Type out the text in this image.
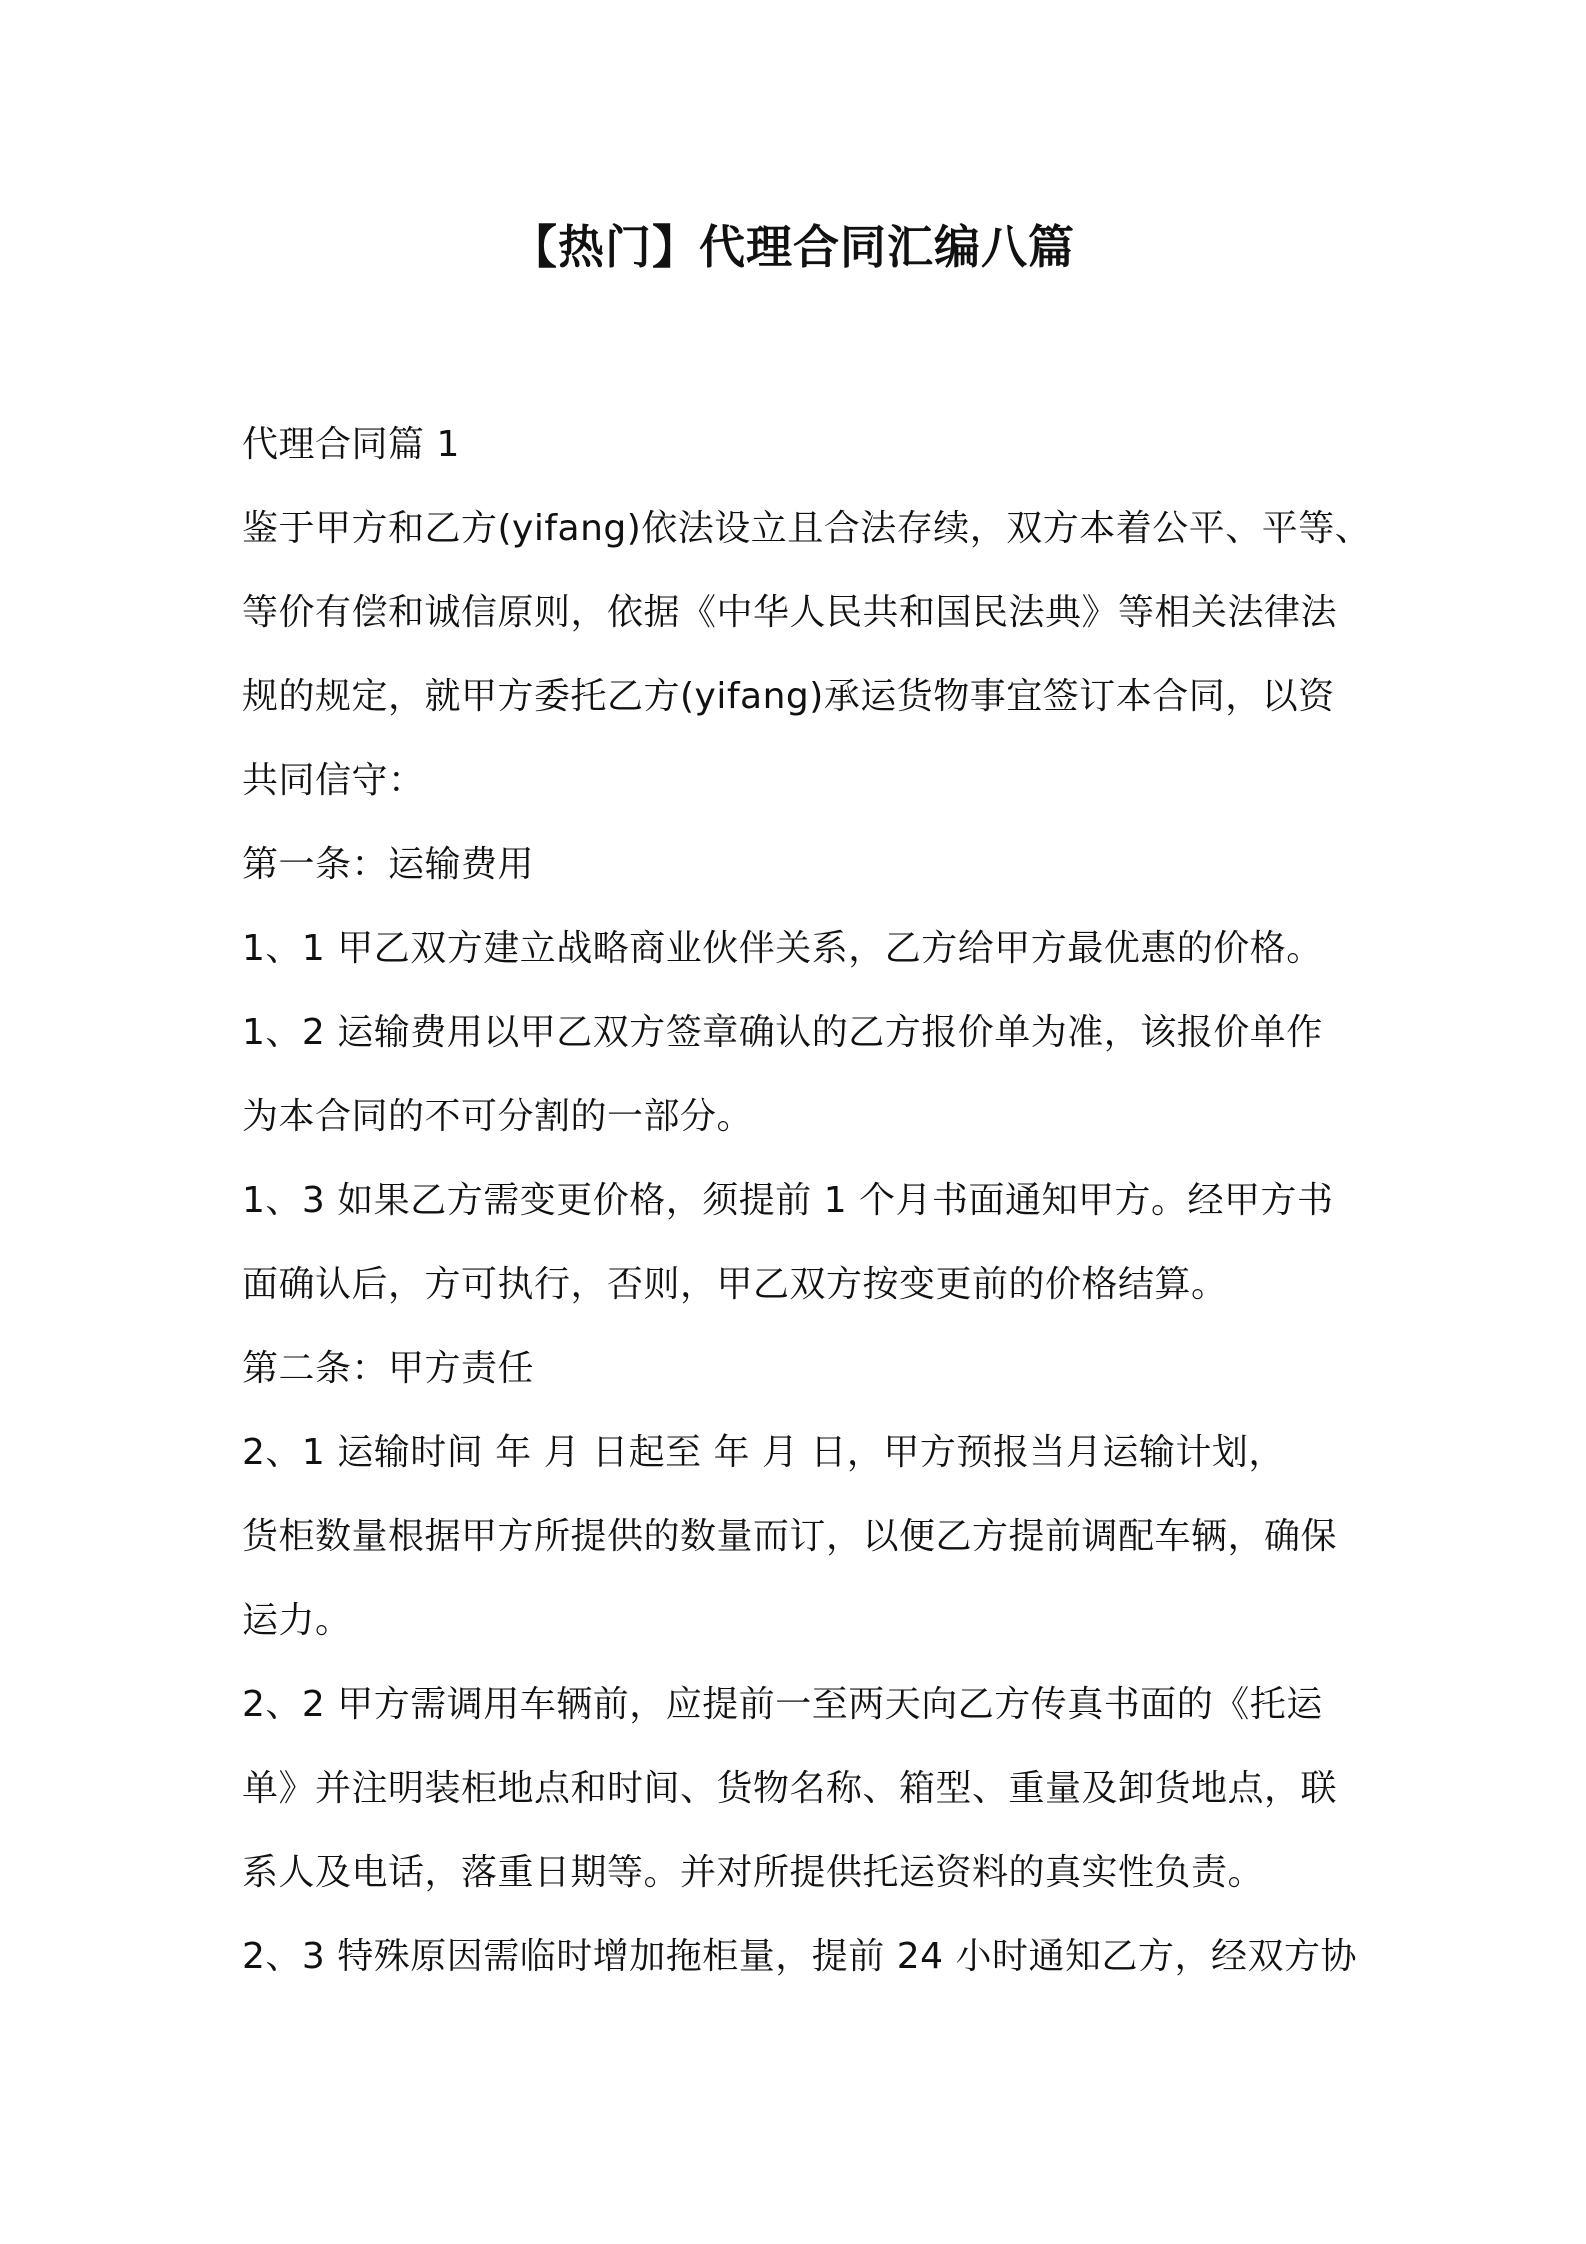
【热门】代理合同汇编八篇
代理合同篇 1
鉴于甲方和乙方(yifang)依法设立且合法存续，双方本着公平、平等、
等价有偿和诚信原则，依据《中华人民共和国民法典》等相关法律法
规的规定，就甲方委托乙方(yifang)承运货物事宜签订本合同，以资
共同信守：
第一条：运输费用
1、1 甲乙双方建立战略商业伙伴关系，乙方给甲方最优惠的价格。
1、2 运输费用以甲乙双方签章确认的乙方报价单为准，该报价单作
为本合同的不可分割的一部分。
1、3 如果乙方需变更价格，须提前 1 个月书面通知甲方。经甲方书
面确认后，方可执行，否则，甲乙双方按变更前的价格结算。
第二条：甲方责任
2、1 运输时间 年 月 日起至 年 月 日，甲方预报当月运输计划，
货柜数量根据甲方所提供的数量而订，以便乙方提前调配车辆，确保
运力。
2、2 甲方需调用车辆前，应提前一至两天向乙方传真书面的《托运
单》并注明装柜地点和时间、货物名称、箱型、重量及卸货地点，联
系人及电话，落重日期等。并对所提供托运资料的真实性负责。
2、3 特殊原因需临时增加拖柜量，提前 24 小时通知乙方，经双方协
